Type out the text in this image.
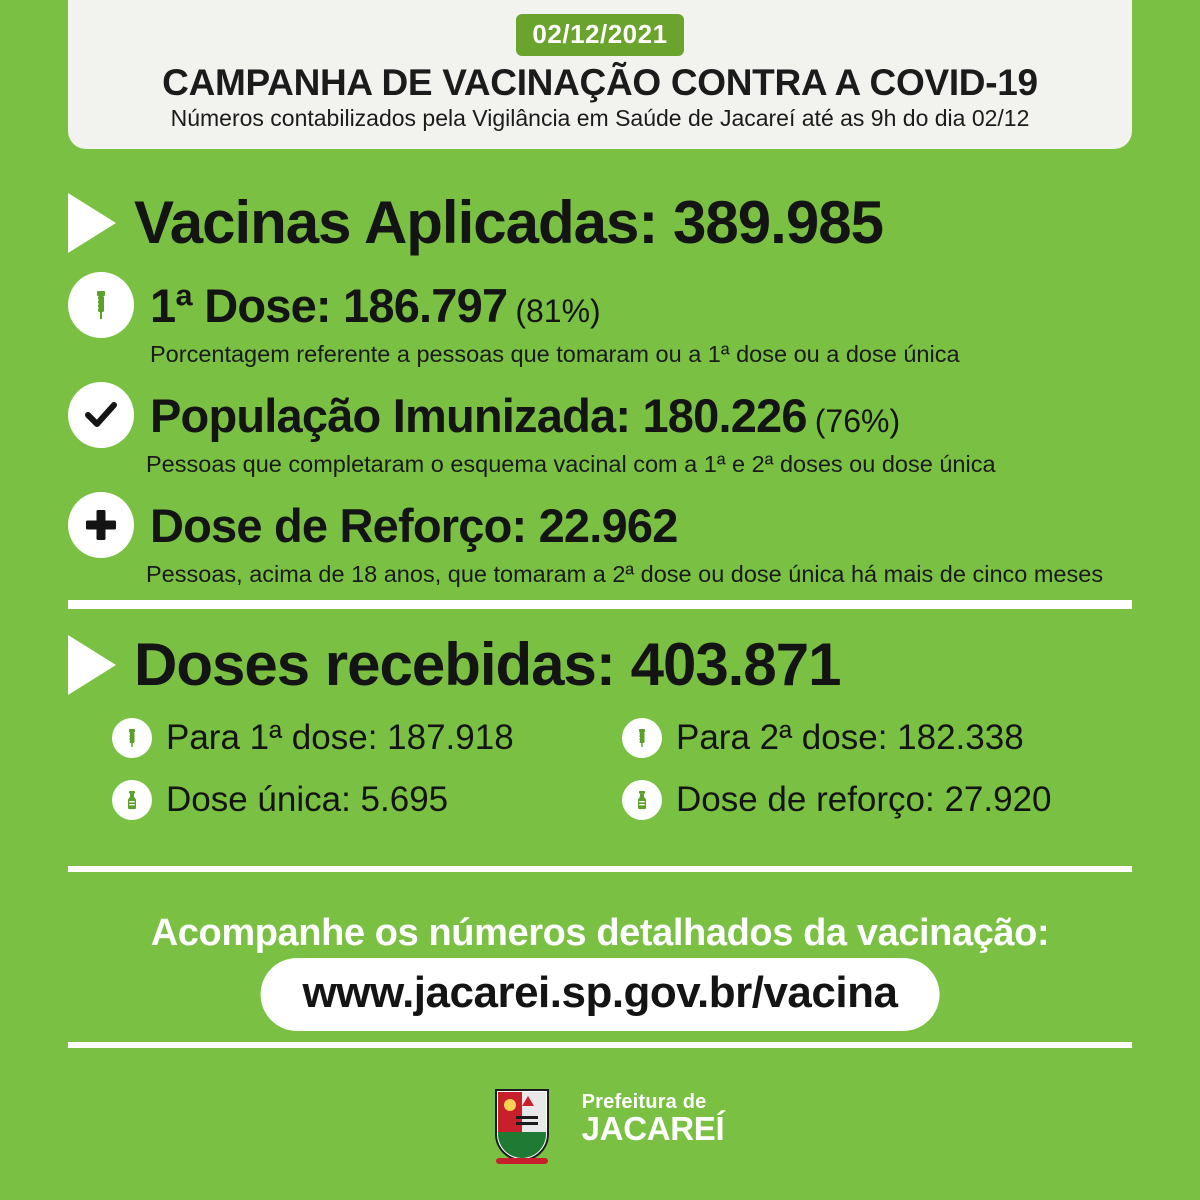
02/12/2021
CAMPANHA DE VACINAÇÃO CONTRA A COVID-19
Números contabilizados pela Vigilância em Saúde de Jacareí até as 9h do dia 02/12
Vacinas Aplicadas: 389.985
1ª Dose: 186.797 (81%)
Porcentagem referente a pessoas que tomaram ou a 1ª dose ou a dose única
População Imunizada: 180.226 (76%)
Pessoas que completaram o esquema vacinal com a 1ª e 2ª doses ou dose única
Dose de Reforço: 22.962
Pessoas, acima de 18 anos, que tomaram a 2ª dose ou dose única há mais de cinco meses
Doses recebidas: 403.871
Para 1ª dose: 187.918	Para 2ª dose: 182.338
Dose única: 5.695	Dose de reforço: 27.920
Acompanhe os números detalhados da vacinação:
www.jacarei.sp.gov.br/vacina
Prefeitura de
JACAREÍ
